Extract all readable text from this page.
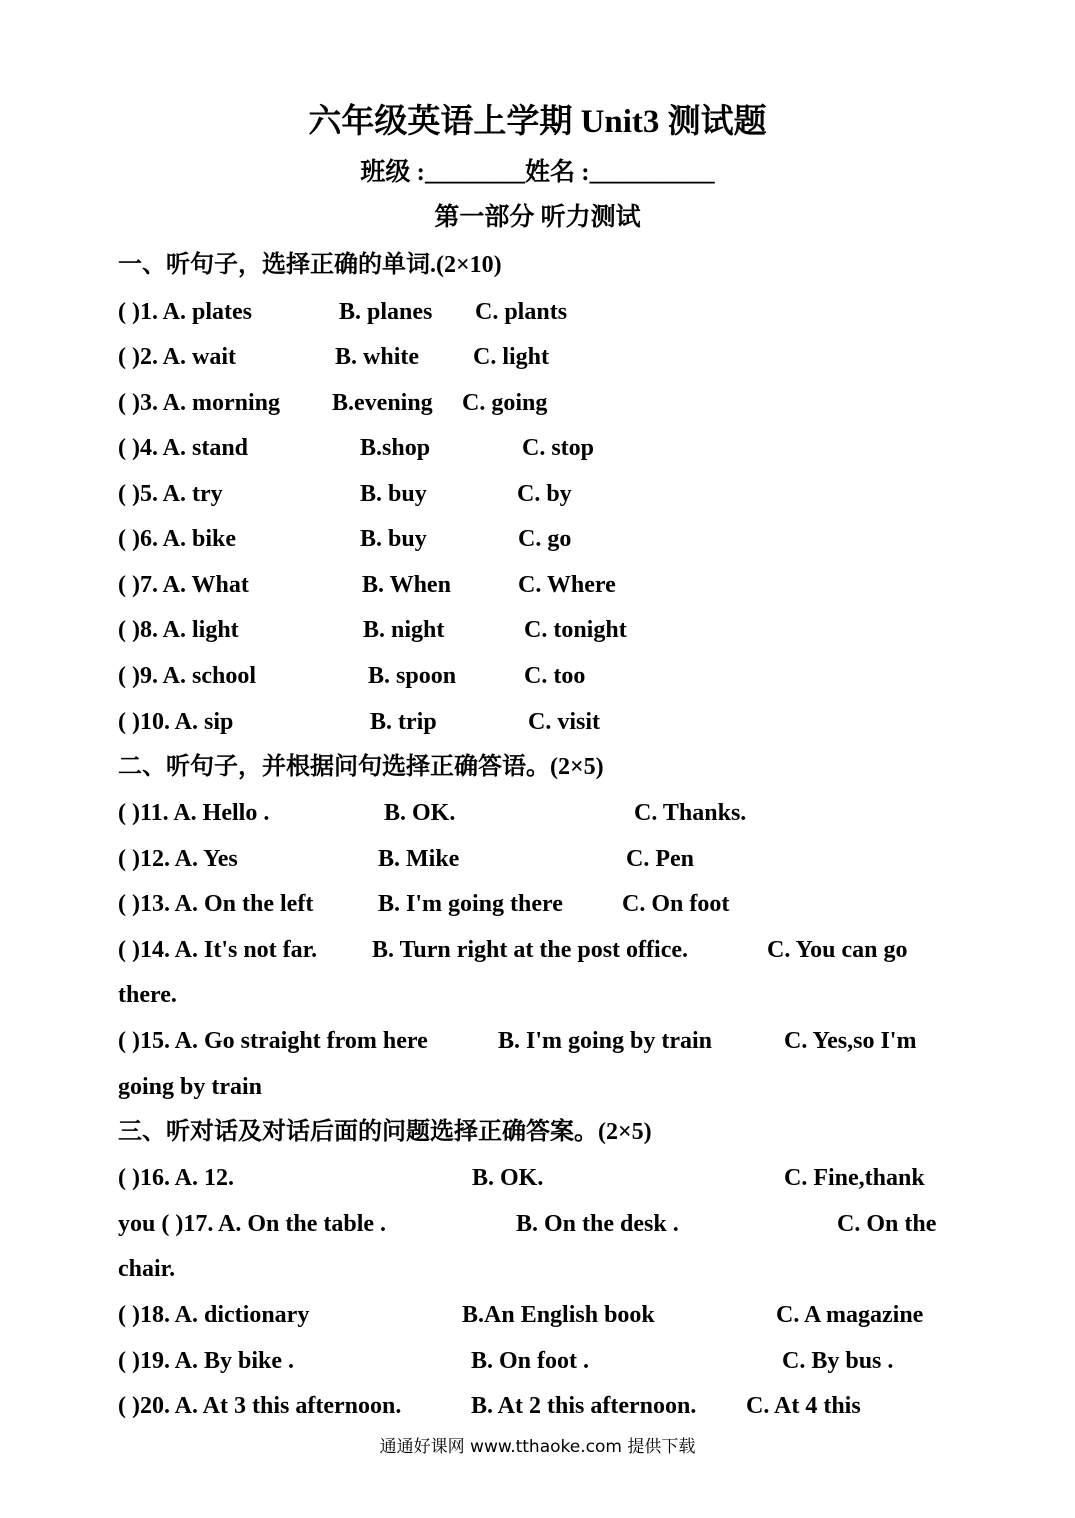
六年级英语上学期 Unit3 测试题
班级 :________姓名 :__________
第一部分 听力测试
一、听句子，选择正确的单词.(2×10)
( )1. A. plates	B. planes C. plants
( )2. A. wait	B. white C. light
( )3. A. morning B.evening C. going
( )4. A. stand	B.shop	C. stop
( )5. A. try	B. buy	C. by
( )6. A. bike	B. buy	C. go
( )7. A. What	B. When	C. Where
( )8. A. light	B. night	C. tonight
( )9. A. school	B. spoon	C. too
( )10. A. sip	B. trip	C. visit
二、听句子，并根据问句选择正确答语。(2×5)
( )11. A. Hello .	B. OK.	C. Thanks.
( )12. A. Yes	B. Mike	C. Pen
( )13. A. On the left	B. I'm going there C. On foot
( )14. A. It's not far. B. Turn right at the post office.	C. You can go
there.
( )15. A. Go straight from here	B. I'm going by train	C. Yes,so I'm
going by train
三、听对话及对话后面的问题选择正确答案。(2×5)
( )16. A. 12.	B. OK.	C. Fine,thank
you ( )17. A. On the table .	B. On the desk .	C. On the
chair.
( )18. A. dictionary	B.An English book	C. A magazine
( )19. A. By bike .	B. On foot .	C. By bus .
( )20. A. At 3 this afternoon.	B. At 2 this afternoon. C. At 4 this
通通好课网 www.tthaoke.com 提供下载
